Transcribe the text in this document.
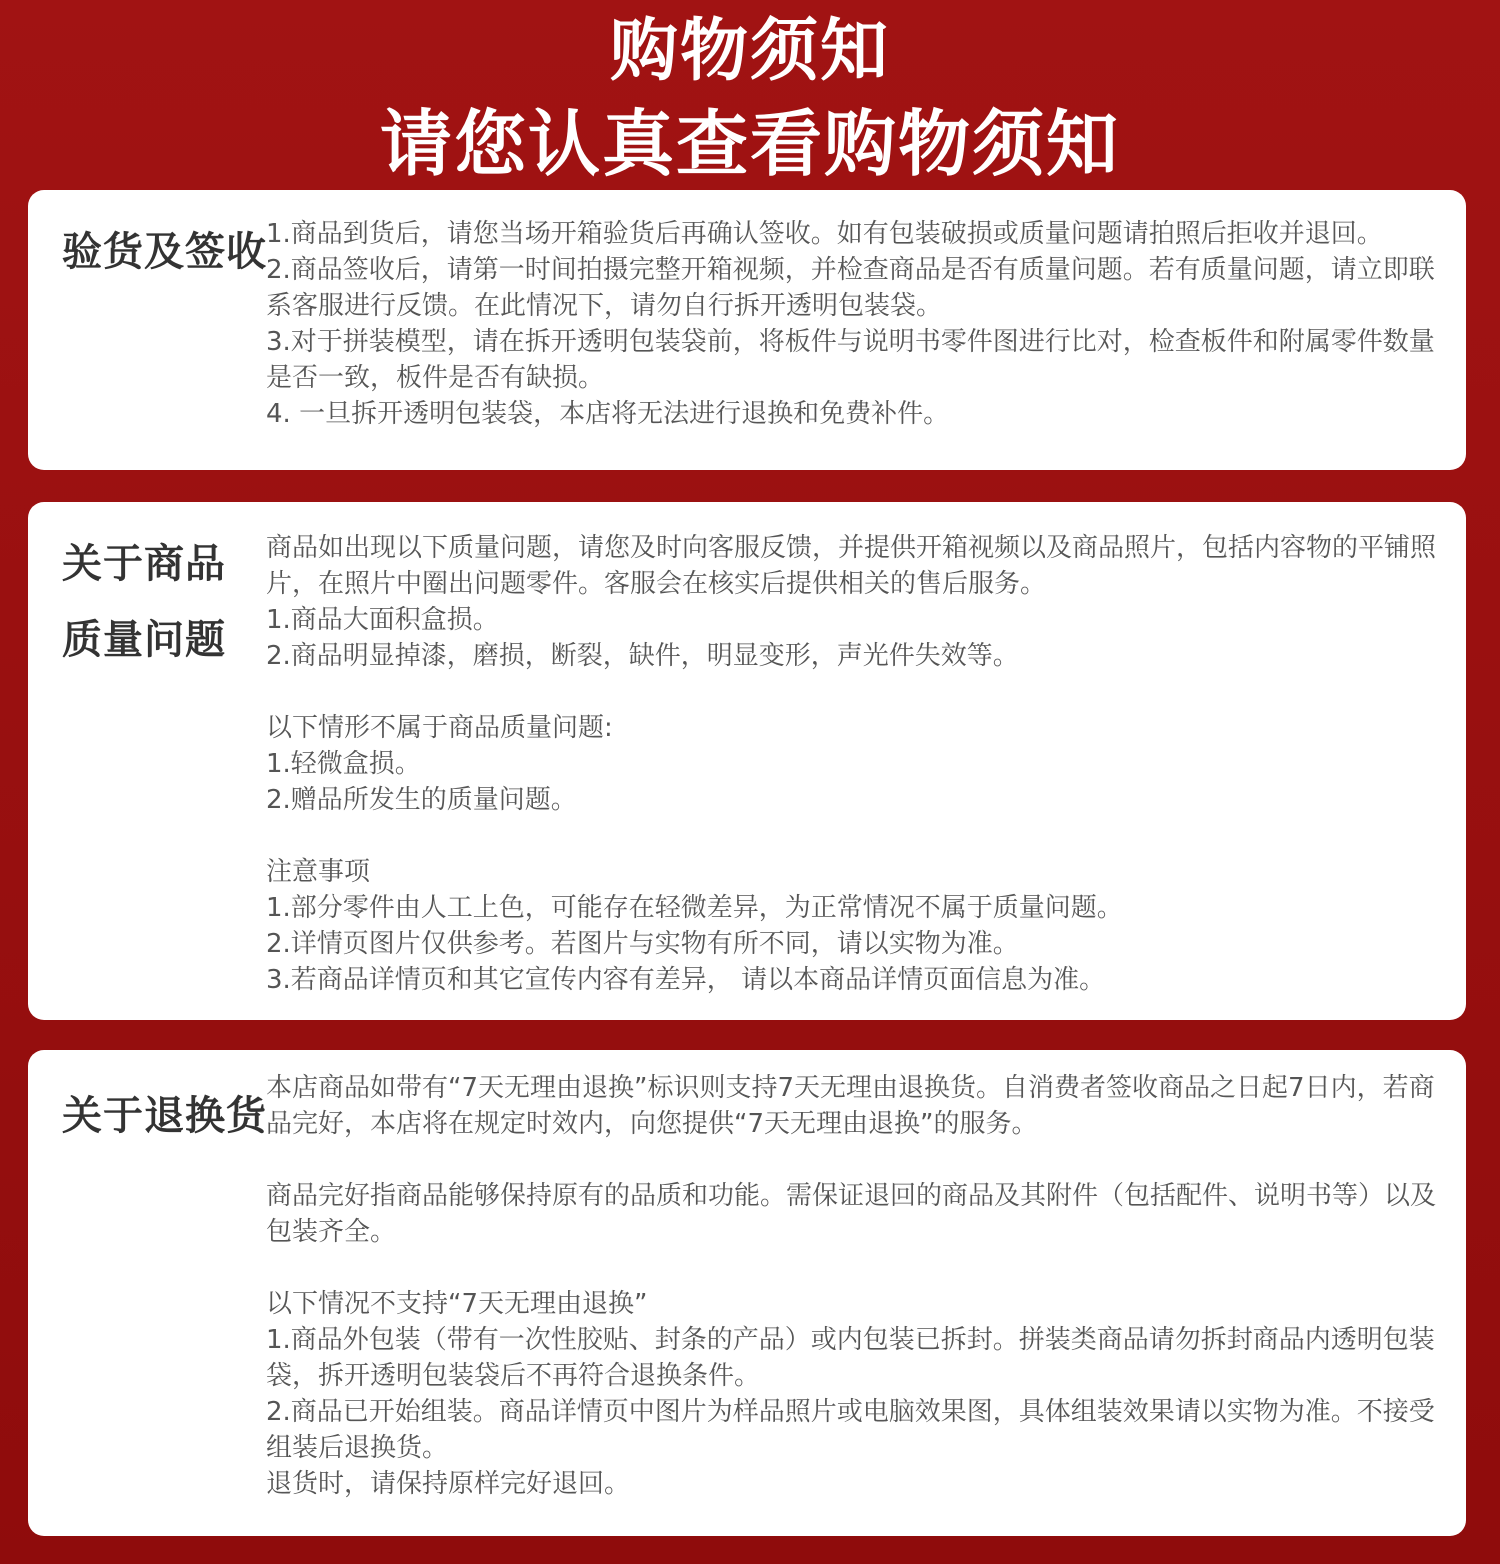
购物须知
请您认真查看购物须知
验货及签收 1.商品到货后，请您当场开箱验货后再确认签收。如有包装破损或质量问题请拍照后拒收并退回。

2.商品签收后，请第一时间拍摄完整开箱视频，并检查商品是否有质量问题。若有质量问题，请立即联系客服进行反馈。在此情况下，请勿自行拆开透明包装袋。

3.对于拼装模型，请在拆开透明包装袋前，将板件与说明书零件图进行比对，检查板件和附属零件数量是否一致，板件是否有缺损。

4. 一旦拆开透明包装袋，本店将无法进行退换和免费补件。

关于商品
质量问题

商品如出现以下质量问题，请您及时向客服反馈，并提供开箱视频以及商品照片，包括内容物的平铺照片，在照片中圈出问题零件。客服会在核实后提供相关的售后服务。

1.商品大面积盒损。

2.商品明显掉漆，磨损，断裂，缺件，明显变形，声光件失效等。

以下情形不属于商品质量问题:

1.轻微盒损。

2.赠品所发生的质量问题。

注意事项

1.部分零件由人工上色，可能存在轻微差异，为正常情况不属于质量问题。

2.详情页图片仅供参考。若图片与实物有所不同，请以实物为准。

3.若商品详情页和其它宣传内容有差异， 请以本商品详情页面信息为准。

关于退换货

本店商品如带有“7天无理由退换”标识则支持7天无理由退换货。自消费者签收商品之日起7日内，若商品完好，本店将在规定时效内，向您提供“7天无理由退换”的服务。

商品完好指商品能够保持原有的品质和功能。需保证退回的商品及其附件（包括配件、说明书等）以及包装齐全。

以下情况不支持“7天无理由退换”

1.商品外包装（带有一次性胶贴、封条的产品）或内包装已拆封。拼装类商品请勿拆封商品内透明包装袋，拆开透明包装袋后不再符合退换条件。

2.商品已开始组装。商品详情页中图片为样品照片或电脑效果图，具体组装效果请以实物为准。不接受组装后退换货。

退货时，请保持原样完好退回。
